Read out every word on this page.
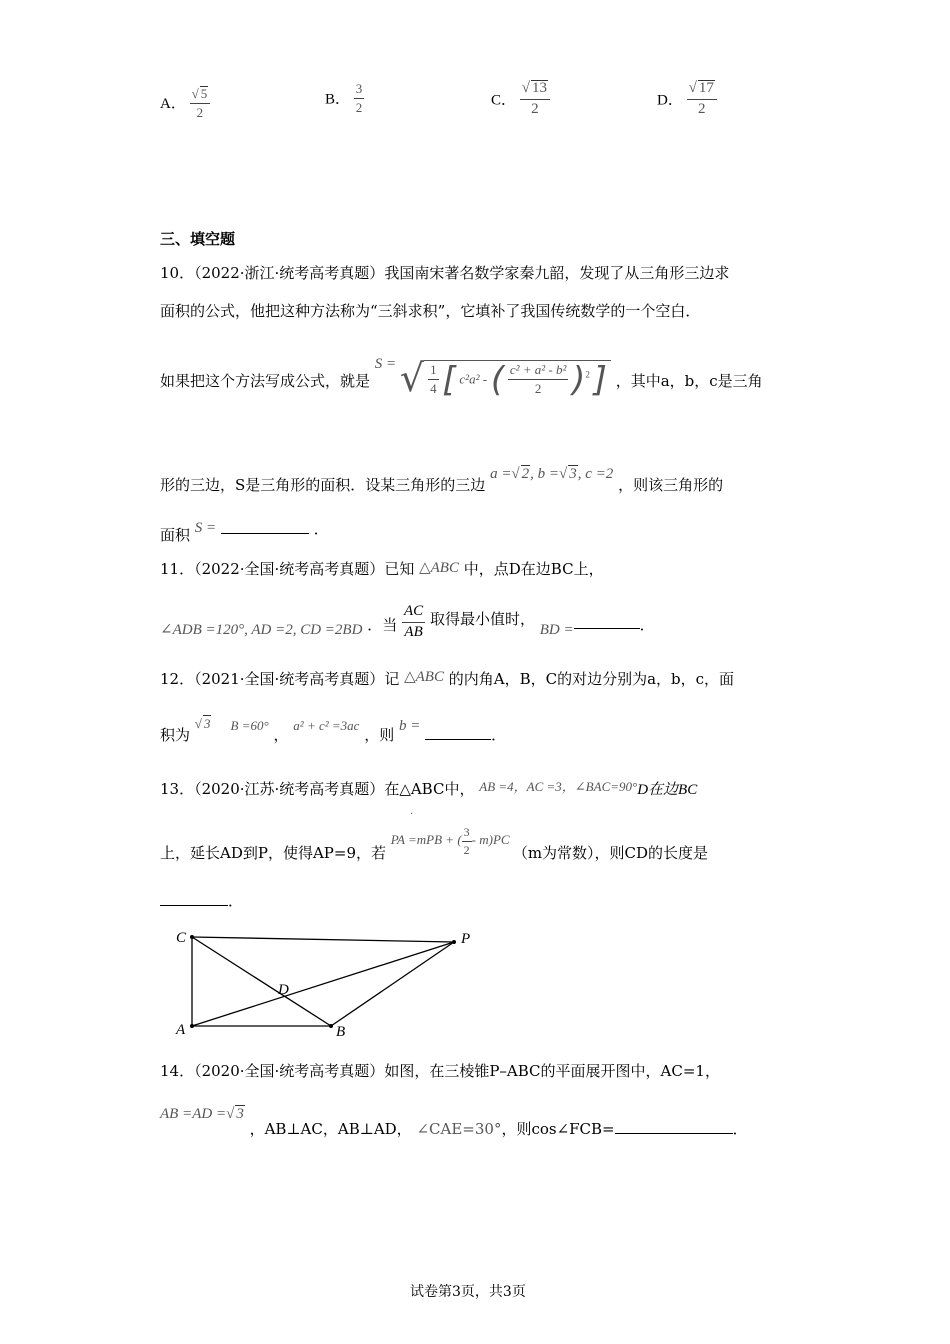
A． $\frac{√ 5}{2}$	B． $\frac{3}{2}$	C． $\frac{√ 13}{2}$	D． $\frac{√ 17}{2}$
三、填空题
10．（2022·浙江·统考高考真题）我国南宋著名数学家秦九韶，发现了从三角形三边求
面积的公式，他把这种方法称为“三斜求积”，它填补了我国传统数学的一个空白．
如果把这个方法写成公式，就是 S = √ $\frac{1}{4}$ [ c²a² - ( $\frac{\text{c² + a² - b²}}{2} )^2$ ] ，其中a，b，c是三角
形的三边，S是三角形的面积．设某三角形的三边 a =√ 2, b =√ 3, c =2 ，则该三角形的
面积 S =	．
11．（2022·全国·统考高考真题）已知 △ABC 中，点D在边BC上，
∠ADB =120°, AD =2, CD =2BD ．当 $\frac{AC}{AB}$ 取得最小值时， BD =	．
12．（2021·全国·统考高考真题）记 △ABC 的内角A，B，C的对边分别为a，b，c，面
积为 √ 3 B =60° ， a² + c² =3ac ，则 b =	．
13．（2020·江苏·统考高考真题）在△ABC中， AB =4，AC =3，∠BAC=90°D在边BC
.
上，延长AD到P，使得AP=9，若 PA =mPB + ( $\frac{3}{2} - m)PC$ （m为常数），则CD的长度是
．
C	P
D
A	B
14．（2020·全国·统考高考真题）如图，在三棱锥P–ABC的平面展开图中，AC=1，
AB =AD =√ 3 ，AB⊥AC，AB⊥AD， ∠CAE=30°，则cos∠FCB=	．
试卷第3页，共3页
